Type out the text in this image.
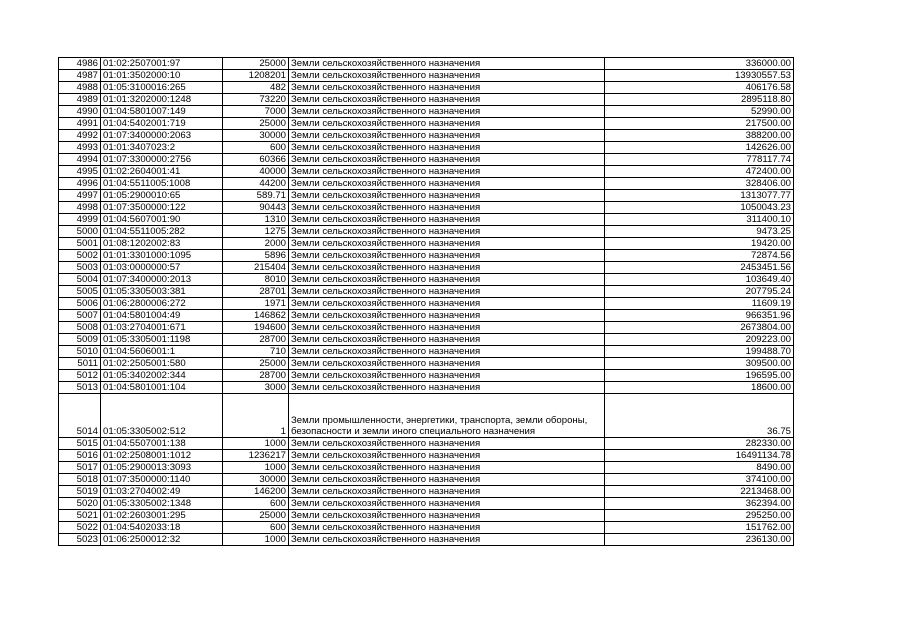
4986	01:02:2507001:97	25000	Земли сельскохозяйственного назначения	336000.00
4987	01:01:3502000:10	1208201	Земли сельскохозяйственного назначения	13930557.53
4988	01:05:3100016:265	482	Земли сельскохозяйственного назначения	406176.58
4989	01:01:3202000:1248	73220	Земли сельскохозяйственного назначения	2895118.80
4990	01:04:5801007:149	7000	Земли сельскохозяйственного назначения	52990.00
4991	01:04:5402001:719	25000	Земли сельскохозяйственного назначения	217500.00
4992	01:07:3400000:2063	30000	Земли сельскохозяйственного назначения	388200.00
4993	01:01:3407023:2	600	Земли сельскохозяйственного назначения	142626.00
4994	01:07:3300000:2756	60366	Земли сельскохозяйственного назначения	778117.74
4995	01:02:2604001:41	40000	Земли сельскохозяйственного назначения	472400.00
4996	01:04:5511005:1008	44200	Земли сельскохозяйственного назначения	328406.00
4997	01:05:2900010:65	589.71	Земли сельскохозяйственного назначения	1313077.77
4998	01:07:3500000:122	90443	Земли сельскохозяйственного назначения	1050043.23
4999	01:04:5607001:90	1310	Земли сельскохозяйственного назначения	311400.10
5000	01:04:5511005:282	1275	Земли сельскохозяйственного назначения	9473.25
5001	01:08:1202002:83	2000	Земли сельскохозяйственного назначения	19420.00
5002	01:01:3301000:1095	5896	Земли сельскохозяйственного назначения	72874.56
5003	01:03:0000000:57	215404	Земли сельскохозяйственного назначения	2453451.56
5004	01:07:3400000:2013	8010	Земли сельскохозяйственного назначения	103649.40
5005	01:05:3305003:381	28701	Земли сельскохозяйственного назначения	207795.24
5006	01:06:2800006:272	1971	Земли сельскохозяйственного назначения	11609.19
5007	01:04:5801004:49	146862	Земли сельскохозяйственного назначения	966351.96
5008	01:03:2704001:671	194600	Земли сельскохозяйственного назначения	2673804.00
5009	01:05:3305001:1198	28700	Земли сельскохозяйственного назначения	209223.00
5010	01:04:5606001:1	710	Земли сельскохозяйственного назначения	199488.70
5011	01:02:2505001:580	25000	Земли сельскохозяйственного назначения	309500.00
5012	01:05:3402002:344	28700	Земли сельскохозяйственного назначения	196595.00
5013	01:04:5801001:104	3000	Земли сельскохозяйственного назначения	18600.00
5014	01:05:3305002:512	1	Земли промышленности, энергетики, транспорта, земли обороны, безопасности и земли иного специального назначения	36.75
5015	01:04:5507001:138	1000	Земли сельскохозяйственного назначения	282330.00
5016	01:02:2508001:1012	1236217	Земли сельскохозяйственного назначения	16491134.78
5017	01:05:2900013:3093	1000	Земли сельскохозяйственного назначения	8490.00
5018	01:07:3500000:1140	30000	Земли сельскохозяйственного назначения	374100.00
5019	01:03:2704002:49	146200	Земли сельскохозяйственного назначения	2213468.00
5020	01:05:3305002:1348	600	Земли сельскохозяйственного назначения	362394.00
5021	01:02:2603001:295	25000	Земли сельскохозяйственного назначения	295250.00
5022	01:04:5402033:18	600	Земли сельскохозяйственного назначения	151762.00
5023	01:06:2500012:32	1000	Земли сельскохозяйственного назначения	236130.00
